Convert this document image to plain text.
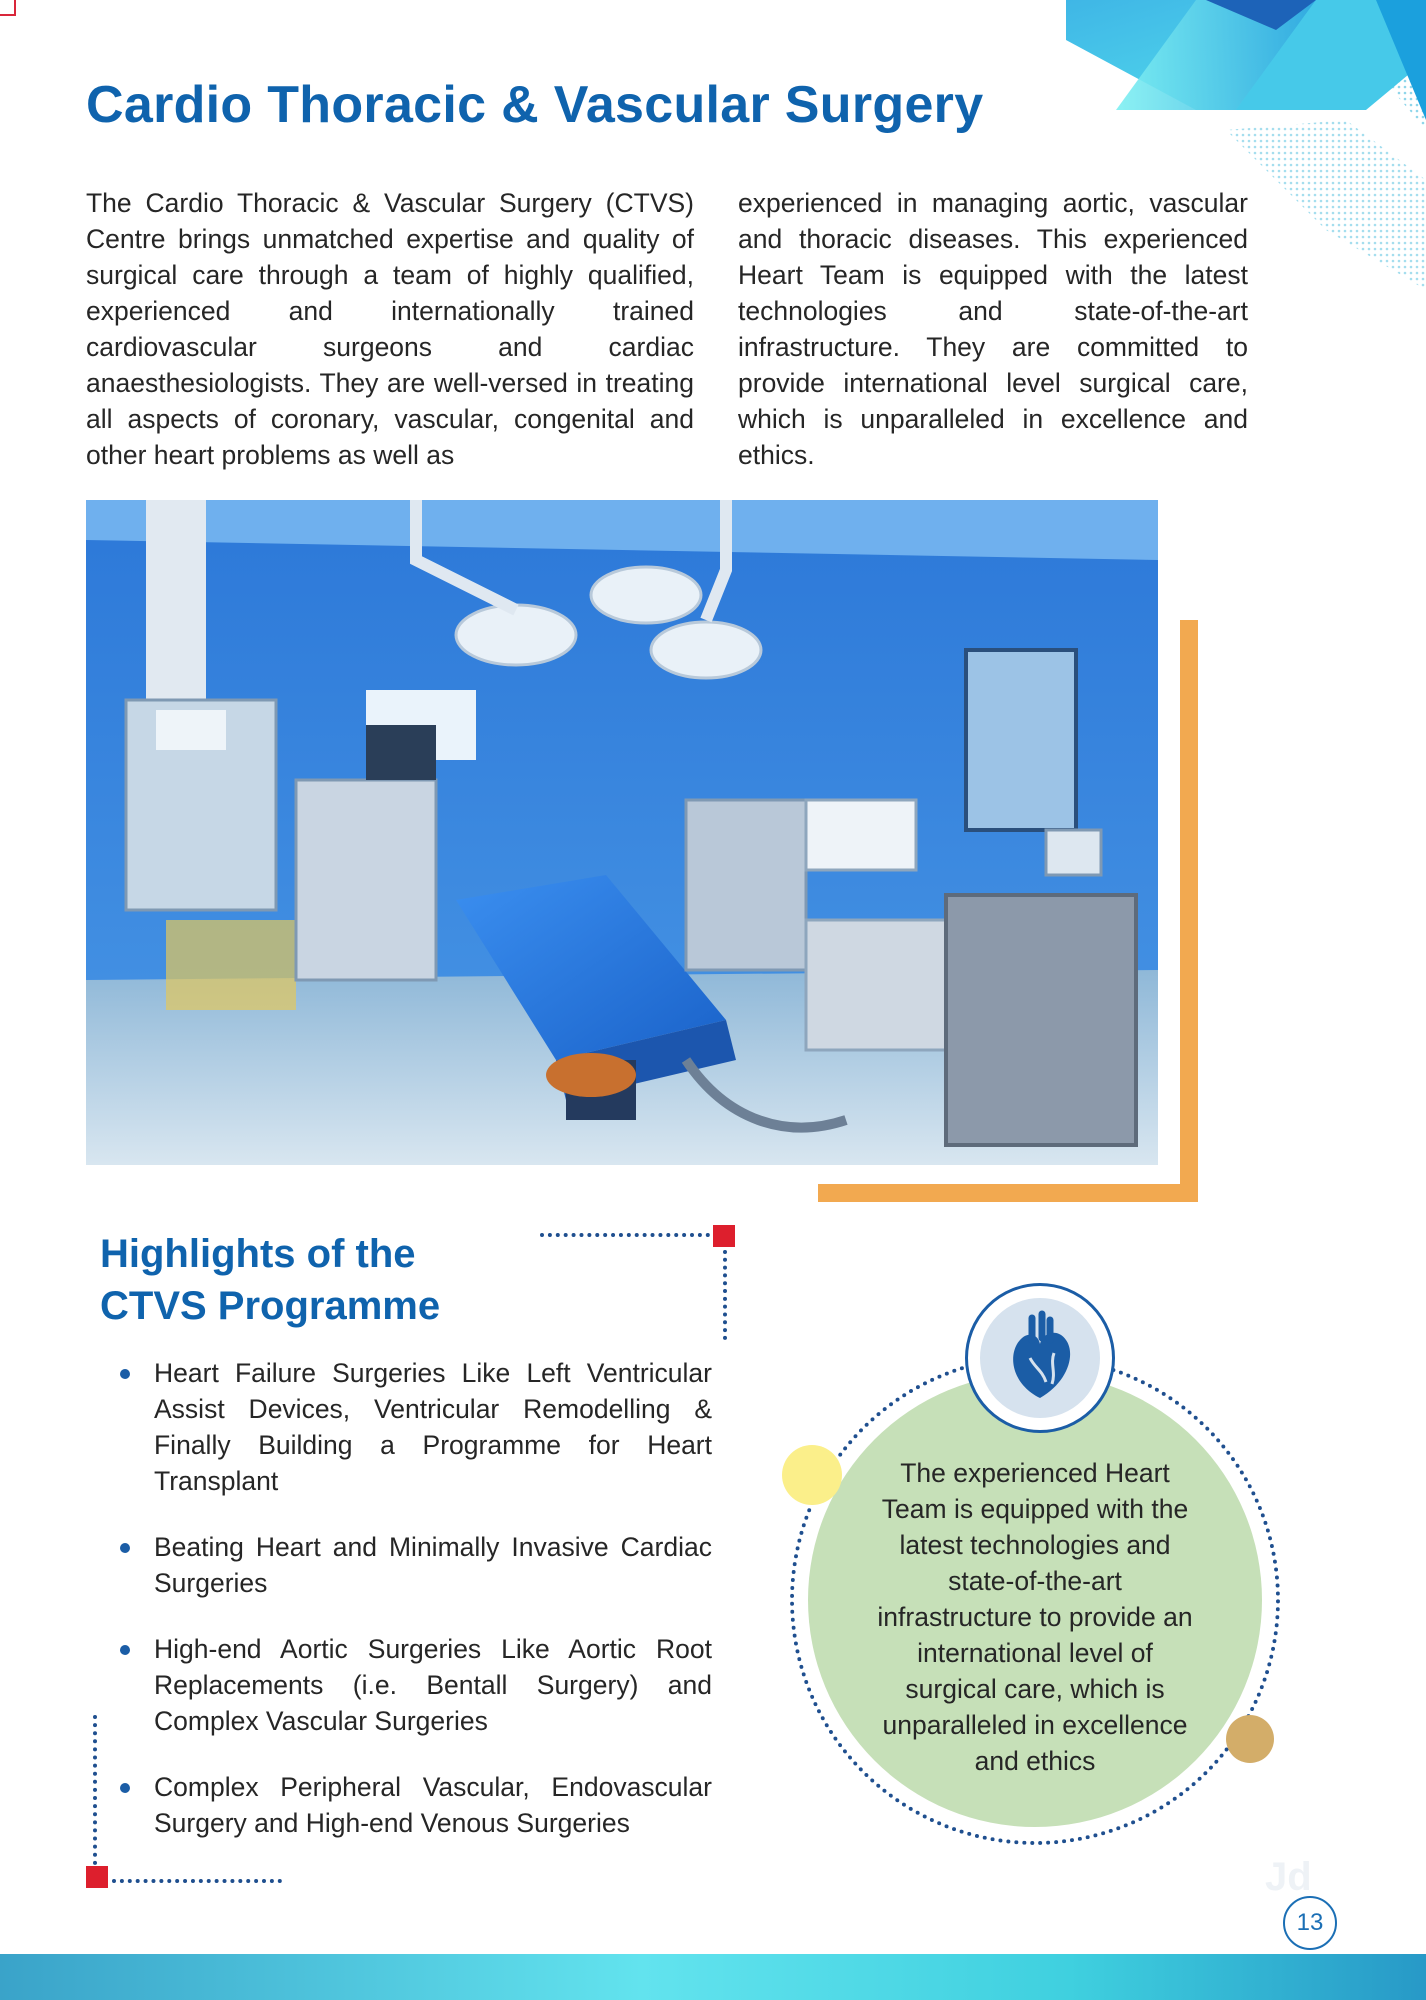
Cardio Thoracic & Vascular Surgery

The Cardio Thoracic & Vascular Surgery (CTVS) Centre brings unmatched expertise and quality of surgical care through a team of highly qualified, experienced and internationally trained cardiovascular surgeons and cardiac anaesthesiologists. They are well-versed in treating all aspects of coronary, vascular, congenital and other heart problems as well as

experienced in managing aortic, vascular and thoracic diseases. This experienced Heart Team is equipped with the latest technologies and state-of-the-art infrastructure. They are committed to provide international level surgical care, which is unparalleled in excellence and ethics.

Highlights of the
CTVS Programme
Heart Failure Surgeries Like Left Ventricular Assist Devices, Ventricular Remodelling & Finally Building a Programme for Heart Transplant
Beating Heart and Minimally Invasive Cardiac Surgeries
High-end Aortic Surgeries Like Aortic Root Replacements (i.e. Bentall Surgery) and Complex Vascular Surgeries
Complex Peripheral Vascular, Endovascular Surgery and High-end Venous Surgeries

The experienced Heart Team is equipped with the latest technologies and state-of-the-art infrastructure to provide an international level of surgical care, which is unparalleled in excellence and ethics

Jd
13
